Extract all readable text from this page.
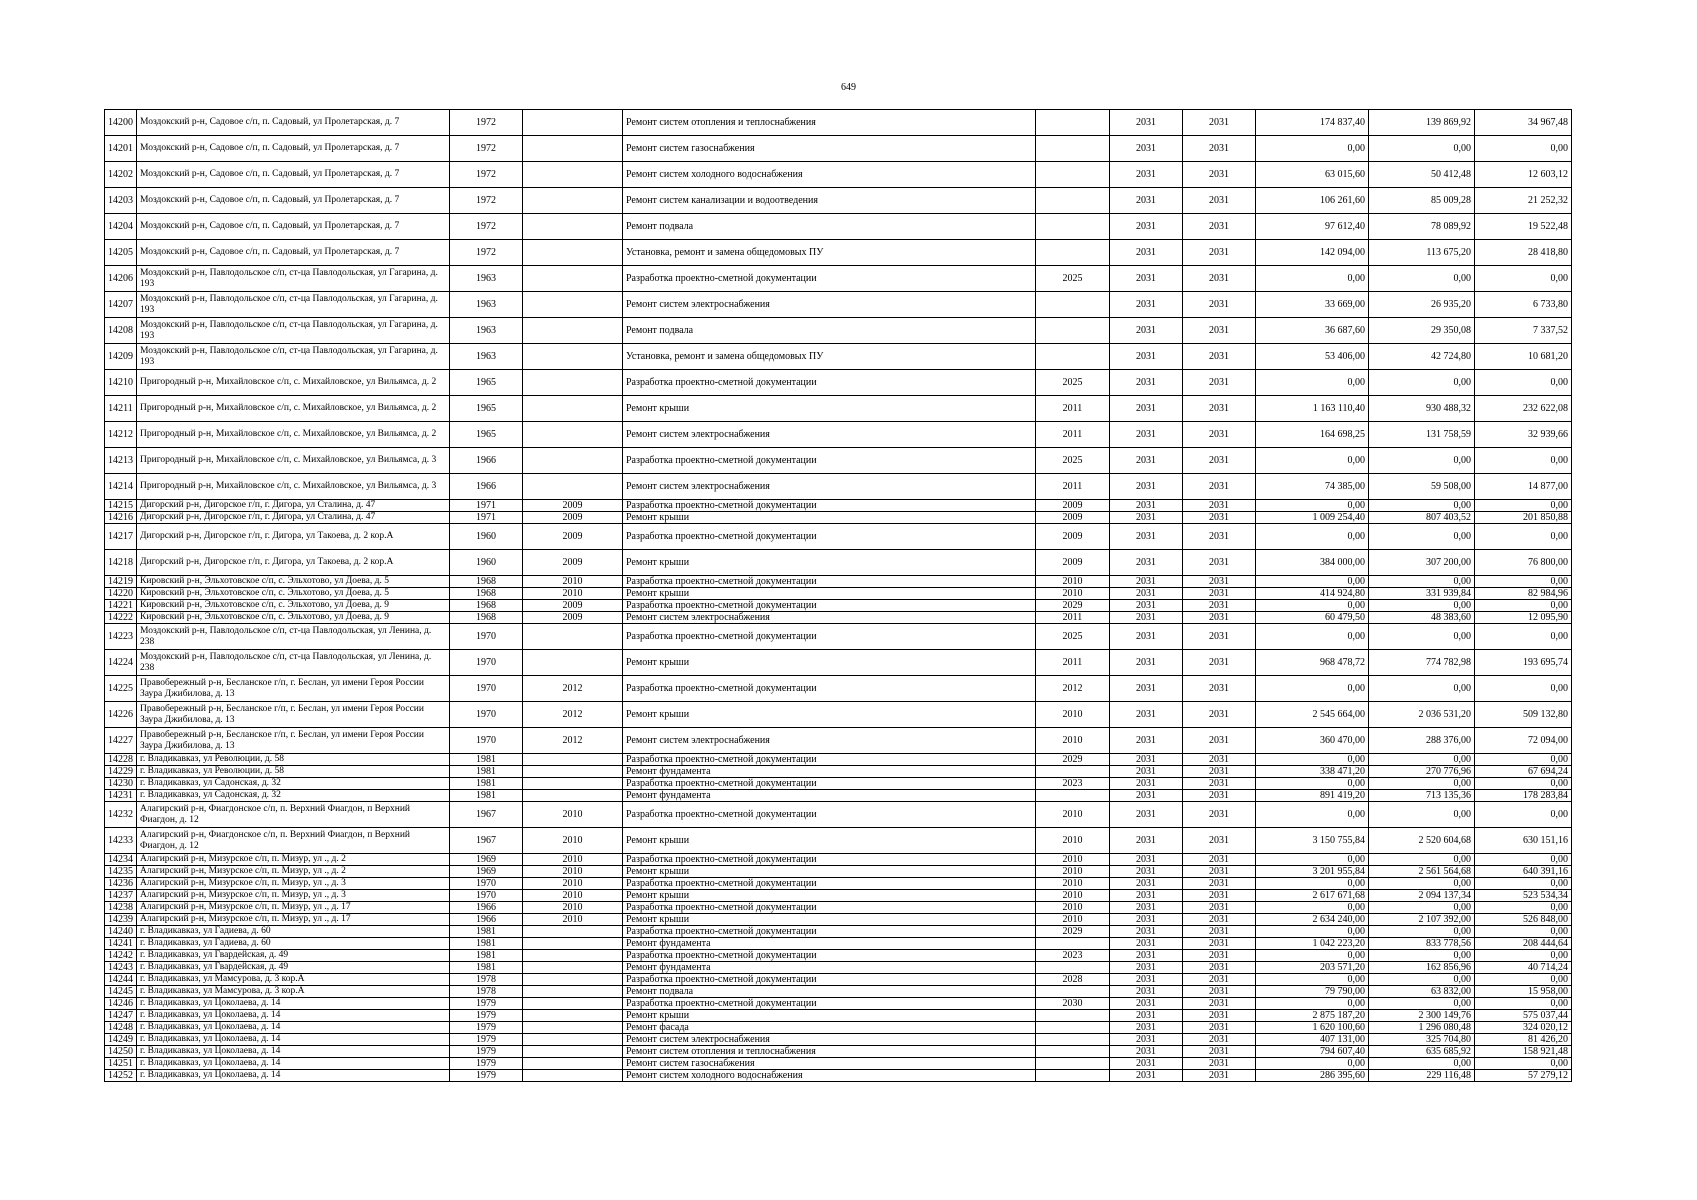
649
14200	Моздокский р-н, Садовое с/п, п. Садовый, ул Пролетарская, д. 7	1972		Ремонт систем отопления и теплоснабжения		2031	2031	174 837,40	139 869,92	34 967,48
14201	Моздокский р-н, Садовое с/п, п. Садовый, ул Пролетарская, д. 7	1972		Ремонт систем газоснабжения		2031	2031	0,00	0,00	0,00
14202	Моздокский р-н, Садовое с/п, п. Садовый, ул Пролетарская, д. 7	1972		Ремонт систем холодного водоснабжения		2031	2031	63 015,60	50 412,48	12 603,12
14203	Моздокский р-н, Садовое с/п, п. Садовый, ул Пролетарская, д. 7	1972		Ремонт систем канализации и водоотведения		2031	2031	106 261,60	85 009,28	21 252,32
14204	Моздокский р-н, Садовое с/п, п. Садовый, ул Пролетарская, д. 7	1972		Ремонт подвала		2031	2031	97 612,40	78 089,92	19 522,48
14205	Моздокский р-н, Садовое с/п, п. Садовый, ул Пролетарская, д. 7	1972		Установка, ремонт и замена общедомовых ПУ		2031	2031	142 094,00	113 675,20	28 418,80
14206	Моздокский р-н, Павлодольское с/п, ст-ца Павлодольская, ул Гагарина, д. 193	1963		Разработка проектно-сметной документации	2025	2031	2031	0,00	0,00	0,00
14207	Моздокский р-н, Павлодольское с/п, ст-ца Павлодольская, ул Гагарина, д. 193	1963		Ремонт систем электроснабжения		2031	2031	33 669,00	26 935,20	6 733,80
14208	Моздокский р-н, Павлодольское с/п, ст-ца Павлодольская, ул Гагарина, д. 193	1963		Ремонт подвала		2031	2031	36 687,60	29 350,08	7 337,52
14209	Моздокский р-н, Павлодольское с/п, ст-ца Павлодольская, ул Гагарина, д. 193	1963		Установка, ремонт и замена общедомовых ПУ		2031	2031	53 406,00	42 724,80	10 681,20
14210	Пригородный р-н, Михайловское с/п, с. Михайловское, ул Вильямса, д. 2	1965		Разработка проектно-сметной документации	2025	2031	2031	0,00	0,00	0,00
14211	Пригородный р-н, Михайловское с/п, с. Михайловское, ул Вильямса, д. 2	1965		Ремонт крыши	2011	2031	2031	1 163 110,40	930 488,32	232 622,08
14212	Пригородный р-н, Михайловское с/п, с. Михайловское, ул Вильямса, д. 2	1965		Ремонт систем электроснабжения	2011	2031	2031	164 698,25	131 758,59	32 939,66
14213	Пригородный р-н, Михайловское с/п, с. Михайловское, ул Вильямса, д. 3	1966		Разработка проектно-сметной документации	2025	2031	2031	0,00	0,00	0,00
14214	Пригородный р-н, Михайловское с/п, с. Михайловское, ул Вильямса, д. 3	1966		Ремонт систем электроснабжения	2011	2031	2031	74 385,00	59 508,00	14 877,00
14215	Дигорский р-н, Дигорское г/п, г. Дигора, ул Сталина, д. 47	1971	2009	Разработка проектно-сметной документации	2009	2031	2031	0,00	0,00	0,00
14216	Дигорский р-н, Дигорское г/п, г. Дигора, ул Сталина, д. 47	1971	2009	Ремонт крыши	2009	2031	2031	1 009 254,40	807 403,52	201 850,88
14217	Дигорский р-н, Дигорское г/п, г. Дигора, ул Такоева, д. 2 кор.А	1960	2009	Разработка проектно-сметной документации	2009	2031	2031	0,00	0,00	0,00
14218	Дигорский р-н, Дигорское г/п, г. Дигора, ул Такоева, д. 2 кор.А	1960	2009	Ремонт крыши	2009	2031	2031	384 000,00	307 200,00	76 800,00
14219	Кировский р-н, Эльхотовское с/п, с. Эльхотово, ул Доева, д. 5	1968	2010	Разработка проектно-сметной документации	2010	2031	2031	0,00	0,00	0,00
14220	Кировский р-н, Эльхотовское с/п, с. Эльхотово, ул Доева, д. 5	1968	2010	Ремонт крыши	2010	2031	2031	414 924,80	331 939,84	82 984,96
14221	Кировский р-н, Эльхотовское с/п, с. Эльхотово, ул Доева, д. 9	1968	2009	Разработка проектно-сметной документации	2029	2031	2031	0,00	0,00	0,00
14222	Кировский р-н, Эльхотовское с/п, с. Эльхотово, ул Доева, д. 9	1968	2009	Ремонт систем электроснабжения	2011	2031	2031	60 479,50	48 383,60	12 095,90
14223	Моздокский р-н, Павлодольское с/п, ст-ца Павлодольская, ул Ленина, д. 238	1970		Разработка проектно-сметной документации	2025	2031	2031	0,00	0,00	0,00
14224	Моздокский р-н, Павлодольское с/п, ст-ца Павлодольская, ул Ленина, д. 238	1970		Ремонт крыши	2011	2031	2031	968 478,72	774 782,98	193 695,74
14225	Правобережный р-н, Бесланское г/п, г. Беслан, ул имени Героя России Заура Джибилова, д. 13	1970	2012	Разработка проектно-сметной документации	2012	2031	2031	0,00	0,00	0,00
14226	Правобережный р-н, Бесланское г/п, г. Беслан, ул имени Героя России Заура Джибилова, д. 13	1970	2012	Ремонт крыши	2010	2031	2031	2 545 664,00	2 036 531,20	509 132,80
14227	Правобережный р-н, Бесланское г/п, г. Беслан, ул имени Героя России Заура Джибилова, д. 13	1970	2012	Ремонт систем электроснабжения	2010	2031	2031	360 470,00	288 376,00	72 094,00
14228	г. Владикавказ, ул Революции, д. 58	1981		Разработка проектно-сметной документации	2029	2031	2031	0,00	0,00	0,00
14229	г. Владикавказ, ул Революции, д. 58	1981		Ремонт фундамента		2031	2031	338 471,20	270 776,96	67 694,24
14230	г. Владикавказ, ул Садонская, д. 32	1981		Разработка проектно-сметной документации	2023	2031	2031	0,00	0,00	0,00
14231	г. Владикавказ, ул Садонская, д. 32	1981		Ремонт фундамента		2031	2031	891 419,20	713 135,36	178 283,84
14232	Алагирский р-н, Фиагдонское с/п, п. Верхний Фиагдон, п Верхний Фиагдон, д. 12	1967	2010	Разработка проектно-сметной документации	2010	2031	2031	0,00	0,00	0,00
14233	Алагирский р-н, Фиагдонское с/п, п. Верхний Фиагдон, п Верхний Фиагдон, д. 12	1967	2010	Ремонт крыши	2010	2031	2031	3 150 755,84	2 520 604,68	630 151,16
14234	Алагирский р-н, Мизурское с/п, п. Мизур, ул ., д. 2	1969	2010	Разработка проектно-сметной документации	2010	2031	2031	0,00	0,00	0,00
14235	Алагирский р-н, Мизурское с/п, п. Мизур, ул ., д. 2	1969	2010	Ремонт крыши	2010	2031	2031	3 201 955,84	2 561 564,68	640 391,16
14236	Алагирский р-н, Мизурское с/п, п. Мизур, ул ., д. 3	1970	2010	Разработка проектно-сметной документации	2010	2031	2031	0,00	0,00	0,00
14237	Алагирский р-н, Мизурское с/п, п. Мизур, ул ., д. 3	1970	2010	Ремонт крыши	2010	2031	2031	2 617 671,68	2 094 137,34	523 534,34
14238	Алагирский р-н, Мизурское с/п, п. Мизур, ул ., д. 17	1966	2010	Разработка проектно-сметной документации	2010	2031	2031	0,00	0,00	0,00
14239	Алагирский р-н, Мизурское с/п, п. Мизур, ул ., д. 17	1966	2010	Ремонт крыши	2010	2031	2031	2 634 240,00	2 107 392,00	526 848,00
14240	г. Владикавказ, ул Гадиева, д. 60	1981		Разработка проектно-сметной документации	2029	2031	2031	0,00	0,00	0,00
14241	г. Владикавказ, ул Гадиева, д. 60	1981		Ремонт фундамента		2031	2031	1 042 223,20	833 778,56	208 444,64
14242	г. Владикавказ, ул Гвардейская, д. 49	1981		Разработка проектно-сметной документации	2023	2031	2031	0,00	0,00	0,00
14243	г. Владикавказ, ул Гвардейская, д. 49	1981		Ремонт фундамента		2031	2031	203 571,20	162 856,96	40 714,24
14244	г. Владикавказ, ул Мамсурова, д. 3 кор.А	1978		Разработка проектно-сметной документации	2028	2031	2031	0,00	0,00	0,00
14245	г. Владикавказ, ул Мамсурова, д. 3 кор.А	1978		Ремонт подвала		2031	2031	79 790,00	63 832,00	15 958,00
14246	г. Владикавказ, ул Цоколаева, д. 14	1979		Разработка проектно-сметной документации	2030	2031	2031	0,00	0,00	0,00
14247	г. Владикавказ, ул Цоколаева, д. 14	1979		Ремонт крыши		2031	2031	2 875 187,20	2 300 149,76	575 037,44
14248	г. Владикавказ, ул Цоколаева, д. 14	1979		Ремонт фасада		2031	2031	1 620 100,60	1 296 080,48	324 020,12
14249	г. Владикавказ, ул Цоколаева, д. 14	1979		Ремонт систем электроснабжения		2031	2031	407 131,00	325 704,80	81 426,20
14250	г. Владикавказ, ул Цоколаева, д. 14	1979		Ремонт систем отопления и теплоснабжения		2031	2031	794 607,40	635 685,92	158 921,48
14251	г. Владикавказ, ул Цоколаева, д. 14	1979		Ремонт систем газоснабжения		2031	2031	0,00	0,00	0,00
14252	г. Владикавказ, ул Цоколаева, д. 14	1979		Ремонт систем холодного водоснабжения		2031	2031	286 395,60	229 116,48	57 279,12
